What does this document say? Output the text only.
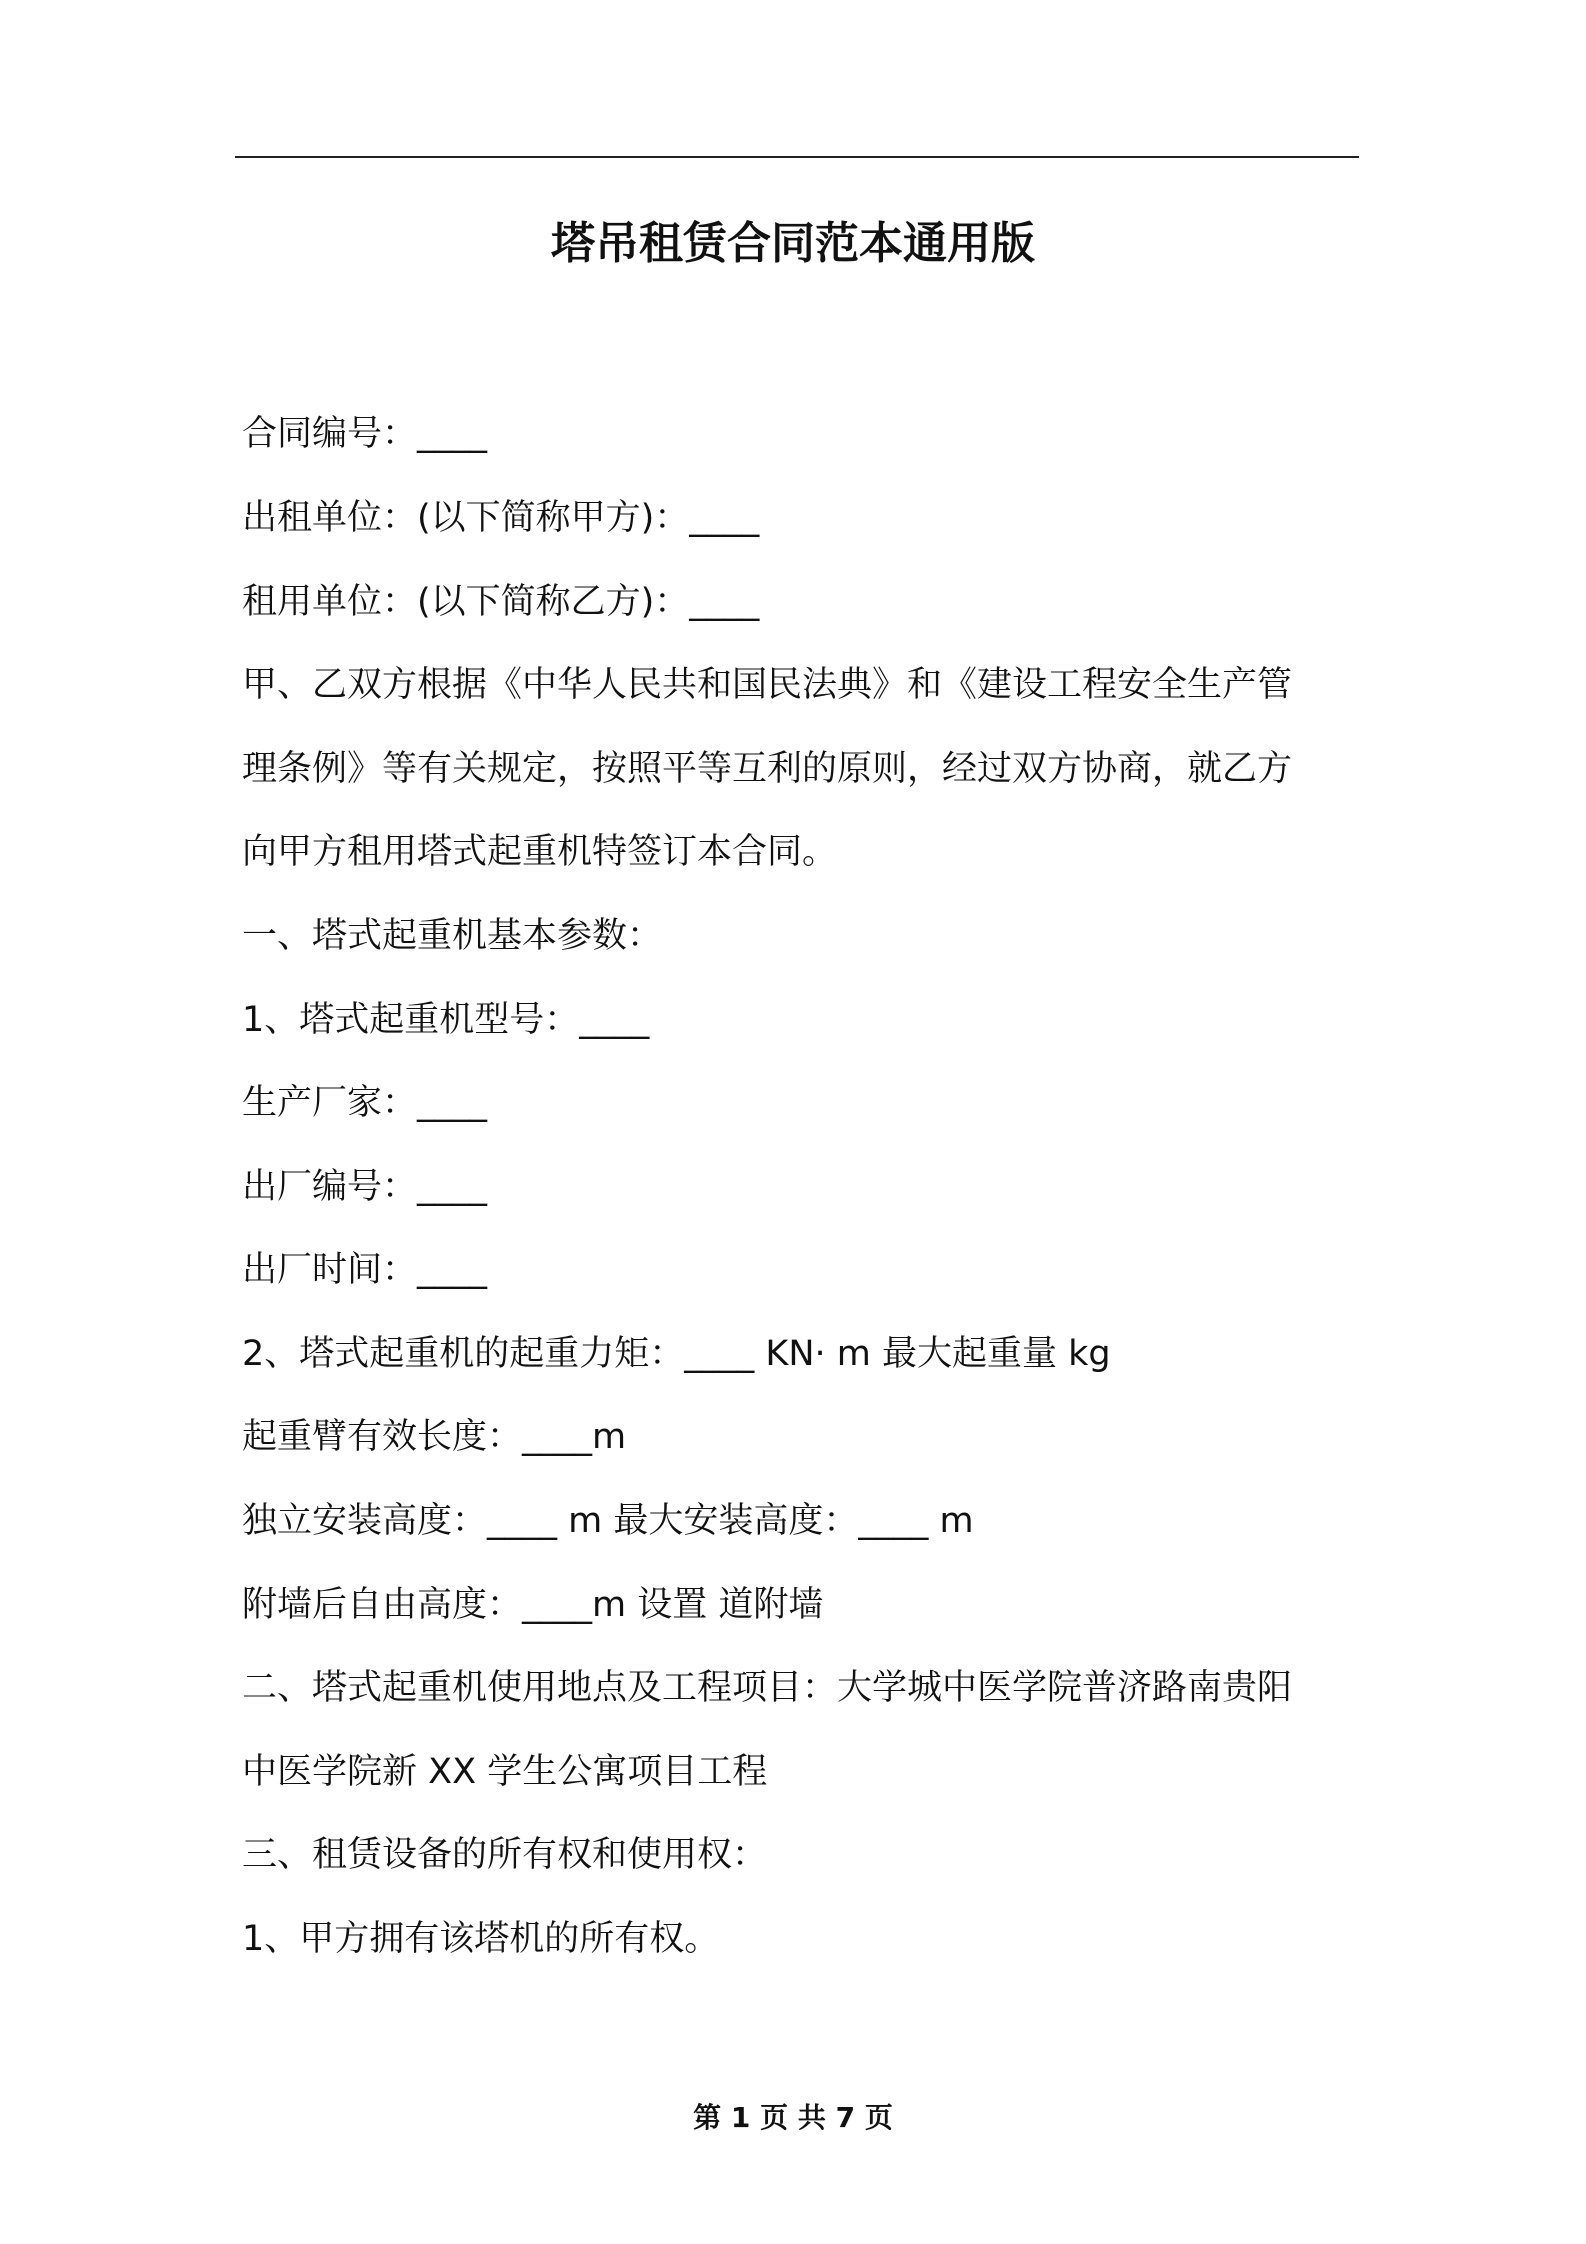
塔吊租赁合同范本通用版
合同编号：____
出租单位：(以下简称甲方)：____
租用单位：(以下简称乙方)：____
甲、乙双方根据《中华人民共和国民法典》和《建设工程安全生产管
理条例》等有关规定，按照平等互利的原则，经过双方协商，就乙方
向甲方租用塔式起重机特签订本合同。
一、塔式起重机基本参数：
1、塔式起重机型号：____
生产厂家：____
出厂编号：____
出厂时间：____
2、塔式起重机的起重力矩：____ KN· m 最大起重量 kg
起重臂有效长度：____m
独立安装高度：____ m 最大安装高度：____ m
附墙后自由高度：____m 设置 道附墙
二、塔式起重机使用地点及工程项目：大学城中医学院普济路南贵阳
中医学院新 XX 学生公寓项目工程
三、租赁设备的所有权和使用权：
1、甲方拥有该塔机的所有权。
第 1 页 共 7 页
